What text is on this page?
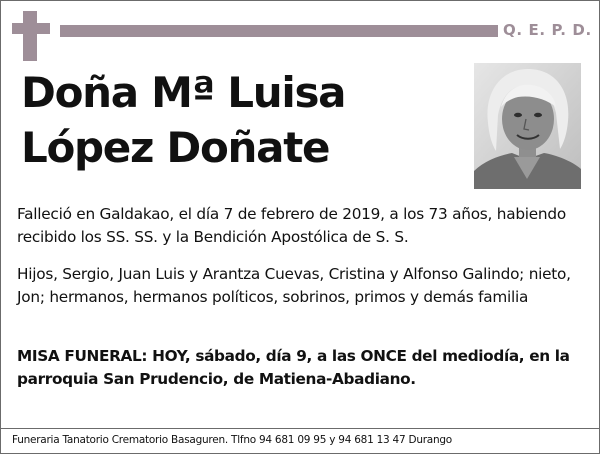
Q. E. P. D.
Doña Mª Luisa
López Doñate

Falleció en Galdakao, el día 7 de febrero de 2019, a los 73 años, habiendo recibido los SS. SS. y la Bendición Apostólica de S. S.

Hijos, Sergio, Juan Luis y Arantza Cuevas, Cristina y Alfonso Galindo; nieto, Jon; hermanos, hermanos políticos, sobrinos, primos y demás familia

MISA FUNERAL: HOY, sábado, día 9, a las ONCE del mediodía, en la parroquia San Prudencio, de Matiena-Abadiano.

Funeraria Tanatorio Crematorio Basaguren. Tlfno 94 681 09 95 y 94 681 13 47 Durango
